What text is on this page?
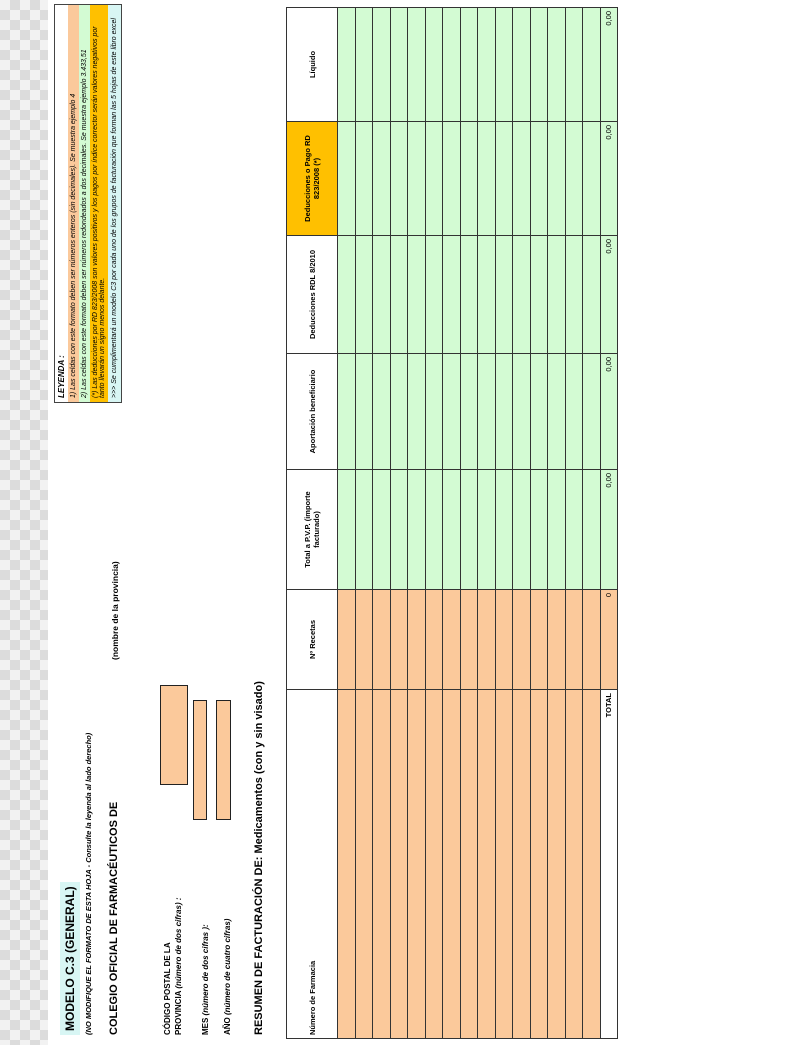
MODELO C.3 (GENERAL) (NO MODIFIQUE EL FORMATO DE ESTA HOJA - Consulte la leyenda al lado derecho) COLEGIO OFICIAL DE FARMACÉUTICOS DE
(nombre de la provincia)
CÓDIGO POSTAL DE LA PROVINCIA (número de dos cifras) :
MES (número de dos cifras ):
AÑO (número de cuatro cifras) RESUMEN DE FACTURACIÓN DE: Medicamentos (con y sin visado)
LEYENDA : 1) Las celdas con este formato deben ser números enteros (sin decimales). Se muestra ejemplo 4 2) Las celdas con este formato deben ser números redondeados a dos decimales. Se muestra ejemplo 3.433,51 (*) Las deducciones por RD 823/2008 son valores positivos y los pagos por índice corrector serán valores negativos por tanto llevarán un signo menos delante. >>> Se cumplimentará un modelo C3 por cada uno de los grupos de facturación que forman las 5 hojas de este libro excel
Número de Farmacia	Nº Recetas	Total a P.V.P. (importe facturado)	Aportación beneficiario	Deducciones RDL 8/2010	Deducciones o Pago RD 823/2008 (*)	Líquido

TOTAL	0	0,00	0,00	0,00	0,00	0,00
